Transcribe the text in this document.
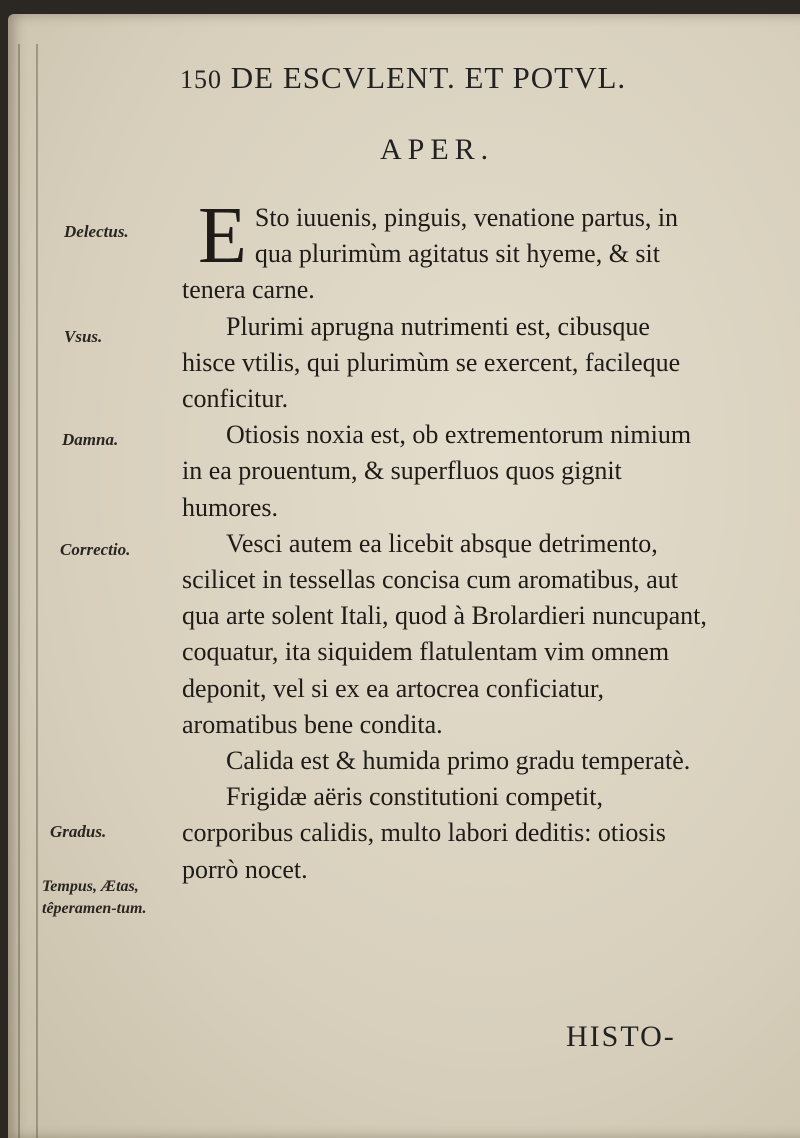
150 DE ESCVLENT. ET POTVL.
APER.
Delectus.
Vsus.
Damna.
Correctio.
Gradus.
Tempus, Ætas, têperamen-tum.

E Sto iuuenis, pinguis, venatione partus, in qua plurimùm agitatus sit hyeme, & sit tenera carne.

Plurimi aprugna nutrimenti est, cibusque hisce vtilis, qui plurimùm se exercent, facileque conficitur.

Otiosis noxia est, ob extrementorum nimium in ea prouentum, & superfluos quos gignit humores.

Vesci autem ea licebit absque detrimento, scilicet in tessellas concisa cum aromatibus, aut qua arte solent Itali, quod à Brolardieri nuncupant, coquatur, ita siquidem flatulentam vim omnem deponit, vel si ex ea artocrea conficiatur, aromatibus bene condita.

Calida est & humida primo gradu temperatè.

Frigidæ aëris constitutioni competit, corporibus calidis, multo labori deditis: otiosis porrò nocet.

HISTO-
